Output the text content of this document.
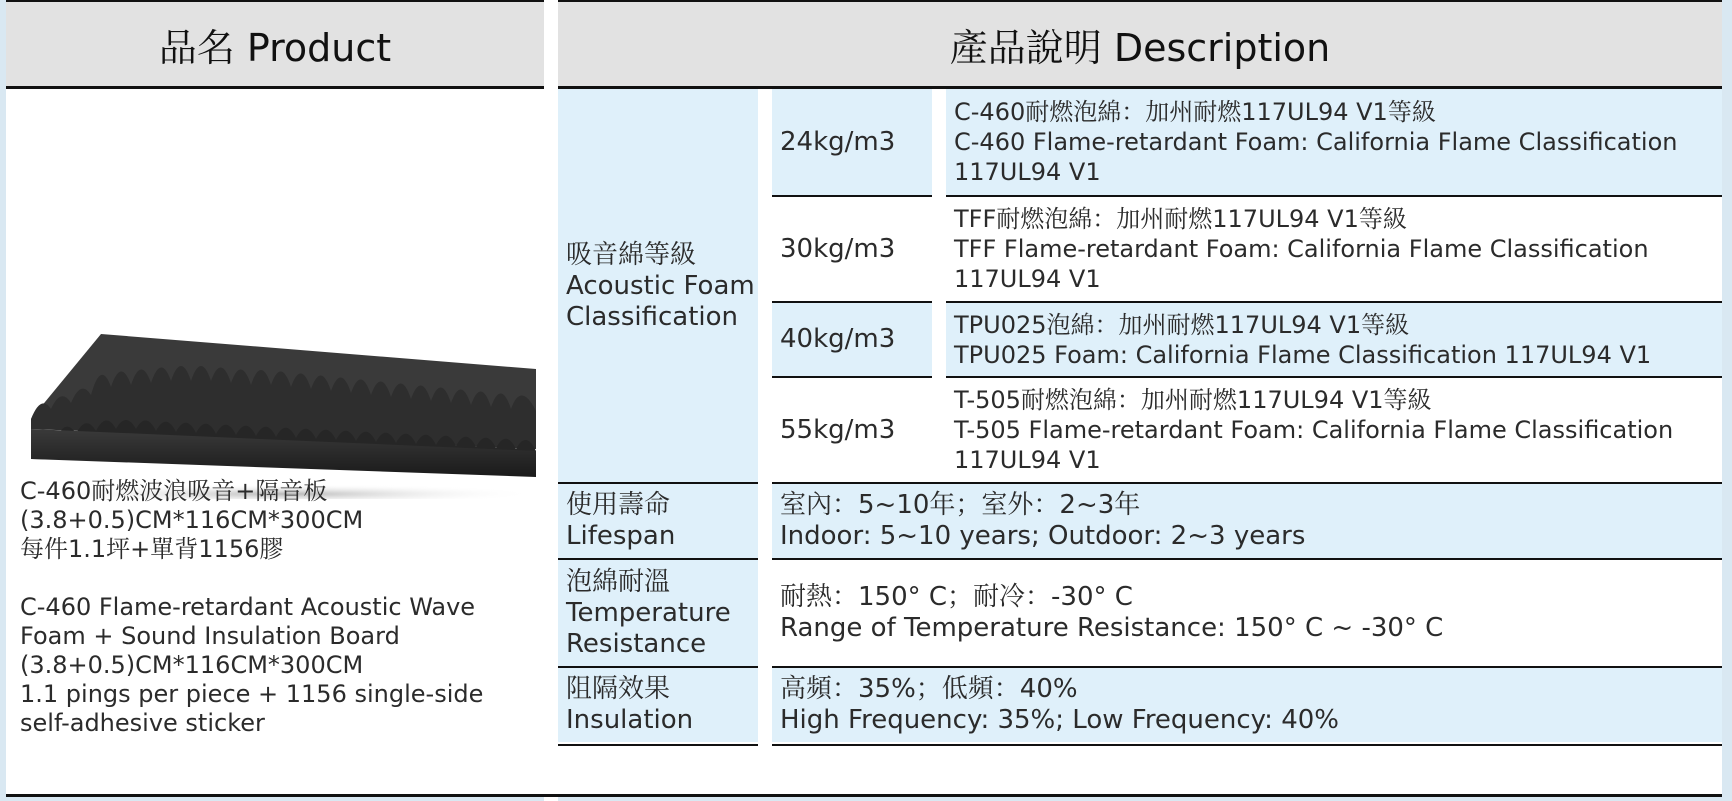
品名 Product	產品說明 Description
C-460耐燃波浪吸音+隔音板
(3.8+0.5)CM*116CM*300CM
每件1.1坪+單背1156膠
C-460 Flame-retardant Acoustic Wave
Foam + Sound Insulation Board
(3.8+0.5)CM*116CM*300CM
1.1 pings per piece + 1156 single-side
self-adhesive sticker
吸音綿等級
Acoustic Foam
Classification
24kg/m3
C-460耐燃泡綿：加州耐燃117UL94 V1等級
C-460 Flame-retardant Foam: California Flame Classification
117UL94 V1
30kg/m3
TFF耐燃泡綿：加州耐燃117UL94 V1等級
TFF Flame-retardant Foam: California Flame Classification
117UL94 V1
40kg/m3	TPU025泡綿：加州耐燃117UL94 V1等級
TPU025 Foam: California Flame Classification 117UL94 V1
55kg/m3
T-505耐燃泡綿：加州耐燃117UL94 V1等級
T-505 Flame-retardant Foam: California Flame Classification
117UL94 V1
使用壽命
Lifespan
室內：5~10年；室外：2~3年
Indoor: 5~10 years; Outdoor: 2~3 years
泡綿耐溫
Temperature
Resistance
耐熱：150° C；耐冷：-30° C
Range of Temperature Resistance: 150° C ~ -30° C
阻隔效果
Insulation
高頻：35%；低頻：40%
High Frequency: 35%; Low Frequency: 40%
